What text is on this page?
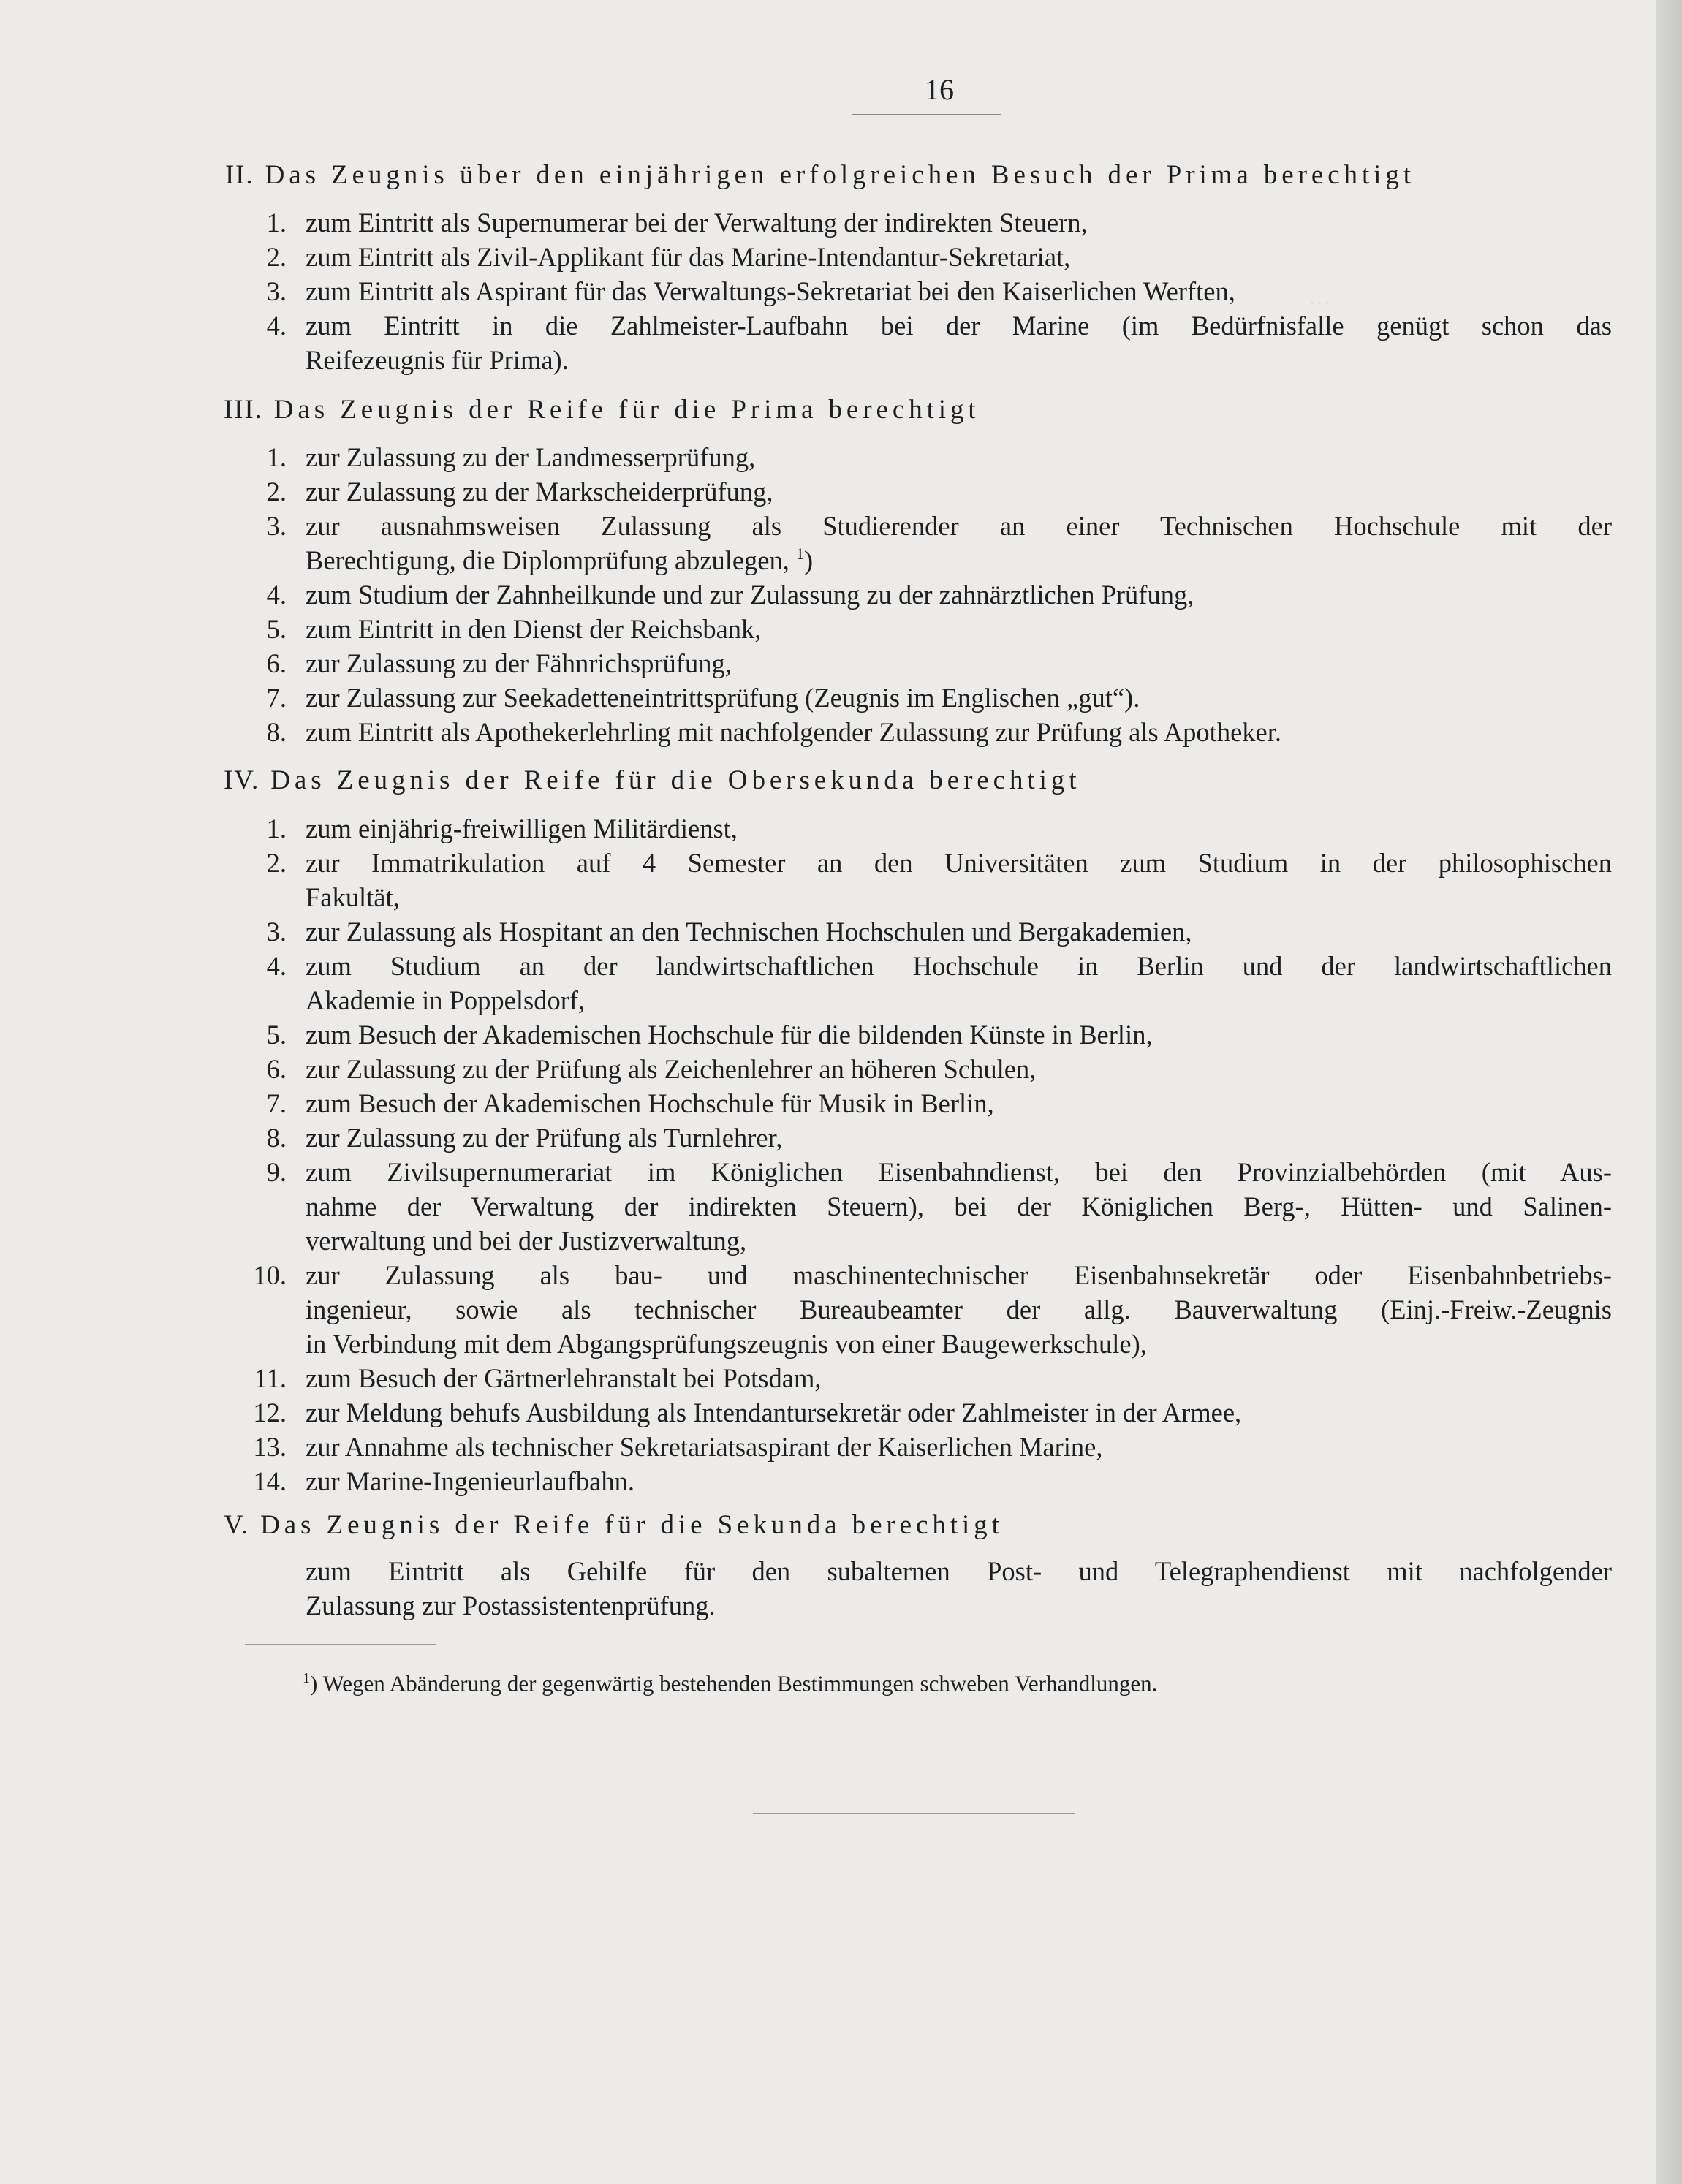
···
16
II. Das Zeugnis über den einjährigen erfolgreichen Besuch der Prima berechtigt
1. zum Eintritt als Supernumerar bei der Verwaltung der indirekten Steuern,
2. zum Eintritt als Zivil-Applikant für das Marine-Intendantur-Sekretariat,
3. zum Eintritt als Aspirant für das Verwaltungs-Sekretariat bei den Kaiserlichen Werften,
4. zum Eintritt in die Zahlmeister-Laufbahn bei der Marine (im Bedürfnisfalle genügt schon das
Reifezeugnis für Prima).
III. Das Zeugnis der Reife für die Prima berechtigt
1. zur Zulassung zu der Landmesserprüfung,
2. zur Zulassung zu der Markscheiderprüfung,
3. zur ausnahmsweisen Zulassung als Studierender an einer Technischen Hochschule mit der
Berechtigung, die Diplomprüfung abzulegen, $^1$)
4. zum Studium der Zahnheilkunde und zur Zulassung zu der zahnärztlichen Prüfung,
5. zum Eintritt in den Dienst der Reichsbank,
6. zur Zulassung zu der Fähnrichsprüfung,
7. zur Zulassung zur Seekadetteneintrittsprüfung (Zeugnis im Englischen „gut“).
8. zum Eintritt als Apothekerlehrling mit nachfolgender Zulassung zur Prüfung als Apotheker.
IV. Das Zeugnis der Reife für die Obersekunda berechtigt
1. zum einjährig-freiwilligen Militärdienst,
2. zur Immatrikulation auf 4 Semester an den Universitäten zum Studium in der philosophischen
Fakultät,
3. zur Zulassung als Hospitant an den Technischen Hochschulen und Bergakademien,
4. zum Studium an der landwirtschaftlichen Hochschule in Berlin und der landwirtschaftlichen
Akademie in Poppelsdorf,
5. zum Besuch der Akademischen Hochschule für die bildenden Künste in Berlin,
6. zur Zulassung zu der Prüfung als Zeichenlehrer an höheren Schulen,
7. zum Besuch der Akademischen Hochschule für Musik in Berlin,
8. zur Zulassung zu der Prüfung als Turnlehrer,
9. zum Zivilsupernumerariat im Königlichen Eisenbahndienst, bei den Provinzialbehörden (mit Aus-
nahme der Verwaltung der indirekten Steuern), bei der Königlichen Berg-, Hütten- und Salinen-
verwaltung und bei der Justizverwaltung,
10. zur Zulassung als bau- und maschinentechnischer Eisenbahnsekretär oder Eisenbahnbetriebs-
ingenieur, sowie als technischer Bureaubeamter der allg. Bauverwaltung (Einj.-Freiw.-Zeugnis
in Verbindung mit dem Abgangsprüfungszeugnis von einer Baugewerkschule),
11. zum Besuch der Gärtnerlehranstalt bei Potsdam,
12. zur Meldung behufs Ausbildung als Intendantursekretär oder Zahlmeister in der Armee,
13. zur Annahme als technischer Sekretariatsaspirant der Kaiserlichen Marine,
14. zur Marine-Ingenieurlaufbahn.
V. Das Zeugnis der Reife für die Sekunda berechtigt
zum Eintritt als Gehilfe für den subalternen Post- und Telegraphendienst mit nachfolgender
Zulassung zur Postassistentenprüfung.
$^1$) Wegen Abänderung der gegenwärtig bestehenden Bestimmungen schweben Verhandlungen.
